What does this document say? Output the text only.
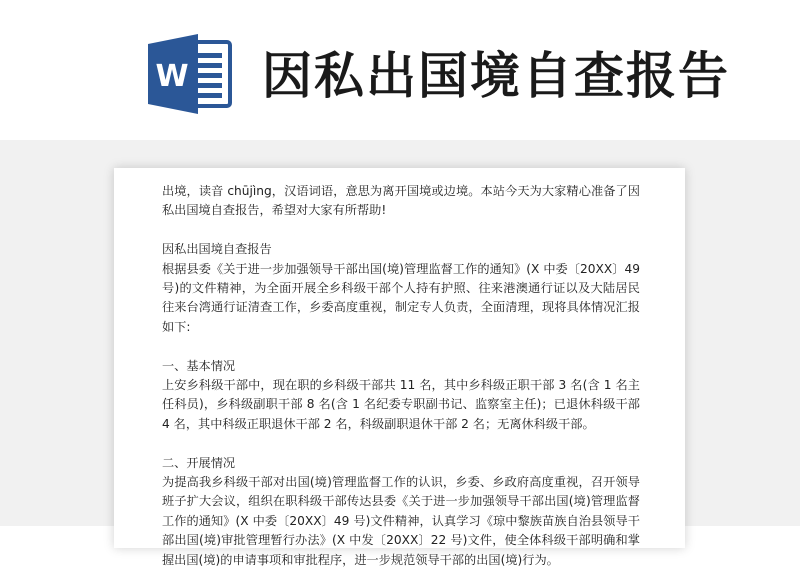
W 因私出国境自查报告

出境，读音 chūjìng，汉语词语，意思为离开国境或边境。本站今天为大家精心准备了因私出国境自查报告，希望对大家有所帮助!

因私出国境自查报告

根据县委《关于进一步加强领导干部出国(境)管理监督工作的通知》(X 中委〔20XX〕49 号)的文件精神，为全面开展全乡科级干部个人持有护照、往来港澳通行证以及大陆居民往来台湾通行证清查工作，乡委高度重视，制定专人负责，全面清理，现将具体情况汇报如下:

一、基本情况

上安乡科级干部中，现在职的乡科级干部共 11 名，其中乡科级正职干部 3 名(含 1 名主任科员)，乡科级副职干部 8 名(含 1 名纪委专职副书记、监察室主任)；已退休科级干部 4 名，其中科级正职退休干部 2 名，科级副职退休干部 2 名；无离休科级干部。

二、开展情况

为提高我乡科级干部对出国(境)管理监督工作的认识，乡委、乡政府高度重视，召开领导班子扩大会议，组织在职科级干部传达县委《关于进一步加强领导干部出国(境)管理监督工作的通知》(X 中委〔20XX〕49 号)文件精神，认真学习《琼中黎族苗族自治县领导干部出国(境)审批管理暂行办法》(X 中发〔20XX〕22 号)文件，使全体科级干部明确和掌握出国(境)的申请事项和审批程序，进一步规范领导干部的出国(境)行为。
